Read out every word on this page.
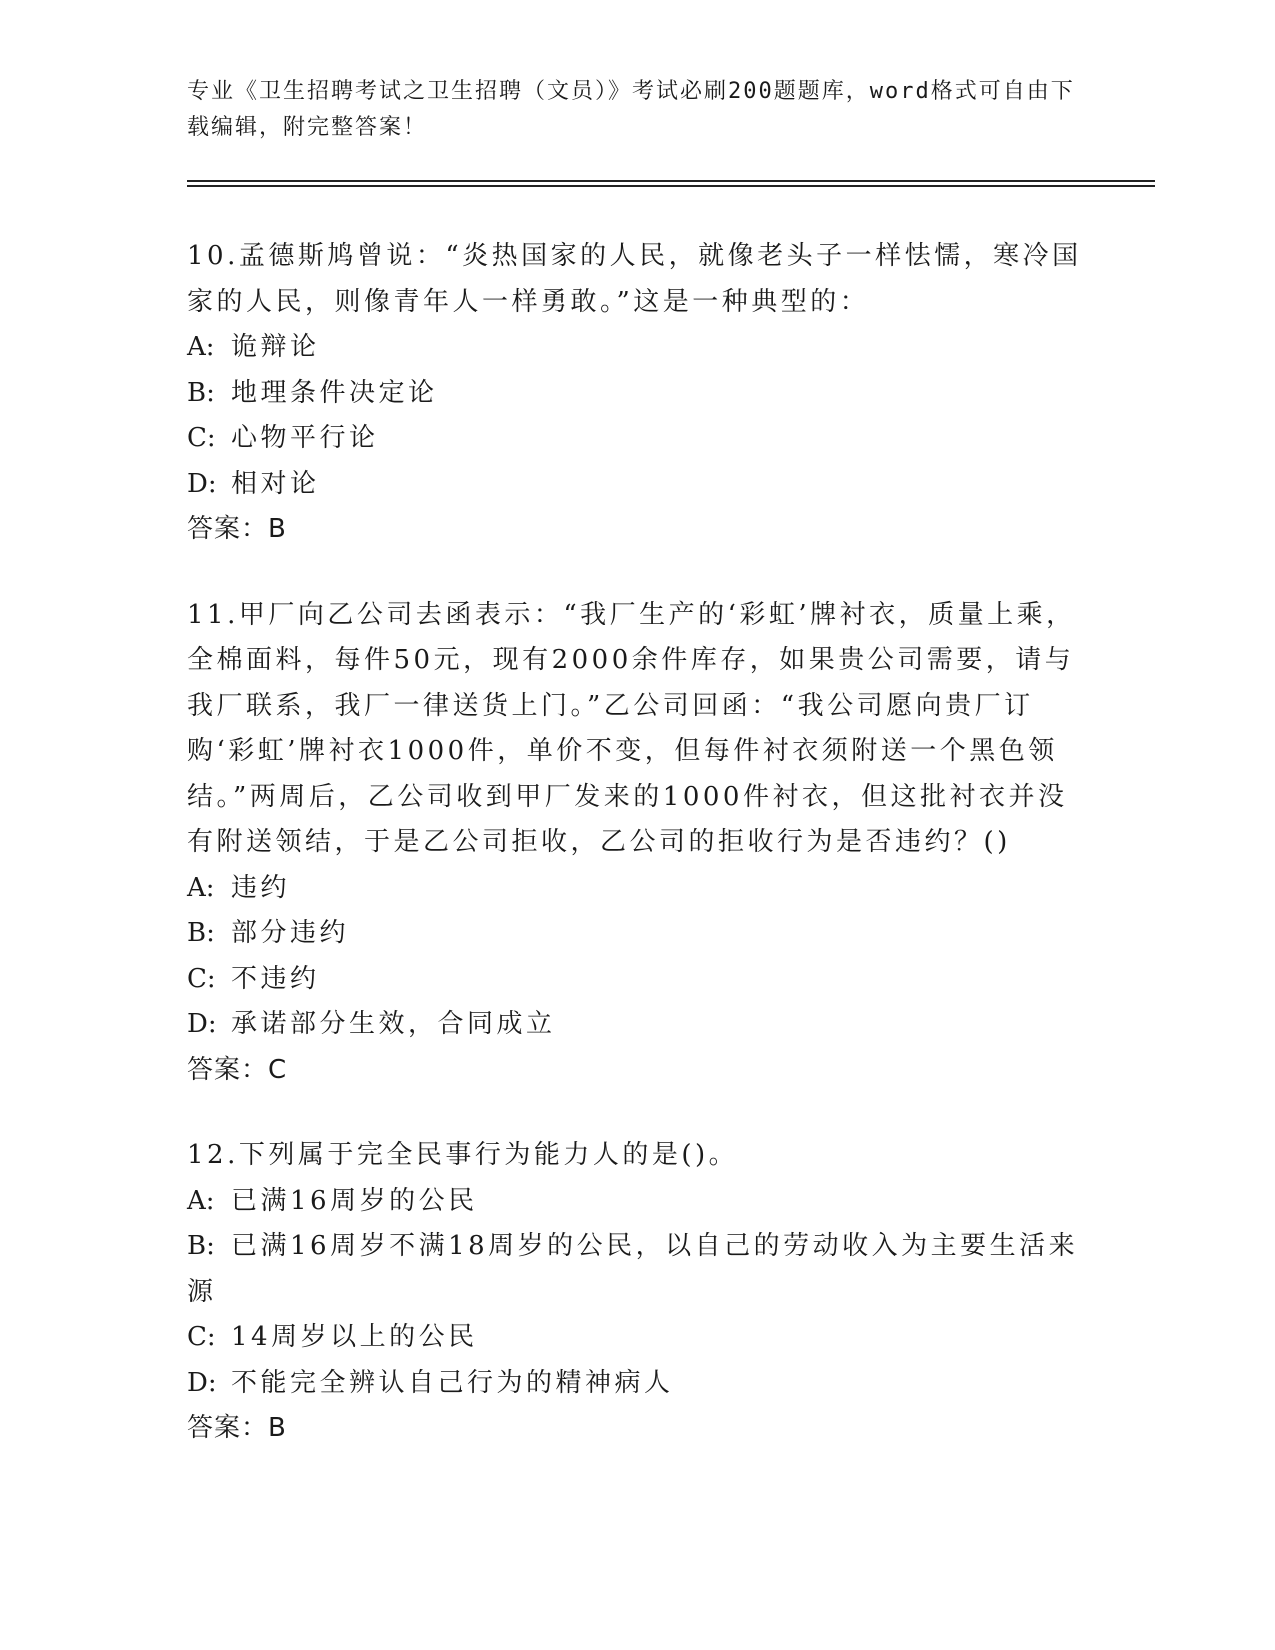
专业《卫生招聘考试之卫生招聘（文员）》考试必刷200题题库，word格式可自由下载编辑，附完整答案！
10.孟德斯鸠曾说：“炎热国家的人民，就像老头子一样怯懦，寒冷国家的人民，则像青年人一样勇敢。”这是一种典型的：
A: 诡辩论
B: 地理条件决定论
C: 心物平行论
D: 相对论
答案：B
11.甲厂向乙公司去函表示：“我厂生产的‘彩虹’牌衬衣，质量上乘，全棉面料，每件50元，现有2000余件库存，如果贵公司需要，请与我厂联系，我厂一律送货上门。”乙公司回函：“我公司愿向贵厂订购‘彩虹’牌衬衣1000件，单价不变，但每件衬衣须附送一个黑色领结。”两周后，乙公司收到甲厂发来的1000件衬衣，但这批衬衣并没有附送领结，于是乙公司拒收，乙公司的拒收行为是否违约？()
A: 违约
B: 部分违约
C: 不违约
D: 承诺部分生效，合同成立
答案：C
12.下列属于完全民事行为能力人的是()。
A: 已满16周岁的公民
B: 已满16周岁不满18周岁的公民，以自己的劳动收入为主要生活来源
C: 14周岁以上的公民
D: 不能完全辨认自己行为的精神病人
答案：B
